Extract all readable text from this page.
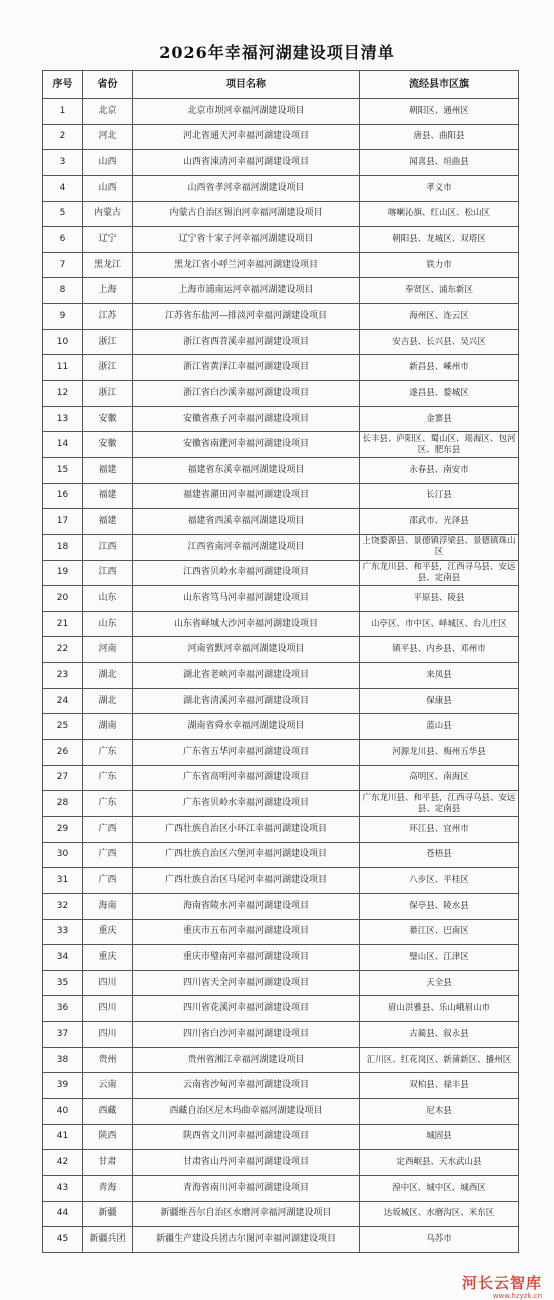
2026年幸福河湖建设项目清单
序号	省份	项目名称	流经县市区旗
1	北京	北京市坝河幸福河湖建设项目	朝阳区、通州区
2	河北	河北省通天河幸福河湖建设项目	唐县、曲阳县
3	山西	山西省涑清河幸福河湖建设项目	闻喜县、垣曲县
4	山西	山西省孝河幸福河湖建设项目	孝义市
5	内蒙古	内蒙古自治区锡泊河幸福河湖建设项目	喀喇沁旗、红山区、松山区
6	辽宁	辽宁省十家子河幸福河湖建设项目	朝阳县、龙城区、双塔区
7	黑龙江	黑龙江省小呼兰河幸福河湖建设项目	铁力市
8	上海	上海市浦南运河幸福河湖建设项目	奉贤区、浦东新区
9	江苏	江苏省东盐河—排淡河幸福河湖建设项目	海州区、连云区
10	浙江	浙江省西苕溪幸福河湖建设项目	安吉县、长兴县、吴兴区
11	浙江	浙江省黄泽江幸福河湖建设项目	新昌县、嵊州市
12	浙江	浙江省白沙溪幸福河湖建设项目	遂昌县、婺城区
13	安徽	安徽省燕子河幸福河湖建设项目	金寨县
14	安徽	安徽省南淝河幸福河湖建设项目	长丰县、庐阳区、蜀山区、瑶海区、包河区、肥东县
15	福建	福建省东溪幸福河湖建设项目	永春县、南安市
16	福建	福建省濯田河幸福河湖建设项目	长汀县
17	福建	福建省西溪幸福河湖建设项目	邵武市、光泽县
18	江西	江西省南河幸福河湖建设项目	上饶婺源县、景德镇浮梁县、景德镇珠山区
19	江西	江西省贝岭水幸福河湖建设项目	广东龙川县、和平县，江西寻乌县、安远县、定南县
20	山东	山东省笃马河幸福河湖建设项目	平原县、陵县
21	山东	山东省峄城大沙河幸福河湖建设项目	山亭区、市中区、峄城区、台儿庄区
22	河南	河南省默河幸福河湖建设项目	镇平县、内乡县、邓州市
23	湖北	湖北省老峡河幸福河湖建设项目	来凤县
24	湖北	湖北省清溪河幸福河湖建设项目	保康县
25	湖南	湖南省舜水幸福河湖建设项目	蓝山县
26	广东	广东省五华河幸福河湖建设项目	河源龙川县、梅州五华县
27	广东	广东省高明河幸福河湖建设项目	高明区、南海区
28	广东	广东省贝岭水幸福河湖建设项目	广东龙川县、和平县，江西寻乌县、安远县、定南县
29	广西	广西壮族自治区小环江幸福河湖建设项目	环江县、宜州市
30	广西	广西壮族自治区六堡河幸福河湖建设项目	苍梧县
31	广西	广西壮族自治区马尾河幸福河湖建设项目	八步区、平桂区
32	海南	海南省陵水河幸福河湖建设项目	保亭县、陵水县
33	重庆	重庆市五布河幸福河湖建设项目	綦江区、巴南区
34	重庆	重庆市璧南河幸福河湖建设项目	璧山区、江津区
35	四川	四川省天全河幸福河湖建设项目	天全县
36	四川	四川省花溪河幸福河湖建设项目	眉山洪雅县、乐山峨眉山市
37	四川	四川省白沙河幸福河湖建设项目	古蔺县、叙永县
38	贵州	贵州省湘江幸福河湖建设项目	汇川区、红花岗区、新蒲新区、播州区
39	云南	云南省沙甸河幸福河湖建设项目	双柏县、禄丰县
40	西藏	西藏自治区尼木玛曲幸福河湖建设项目	尼木县
41	陕西	陕西省文川河幸福河湖建设项目	城固县
42	甘肃	甘肃省山丹河幸福河湖建设项目	定西岷县、天水武山县
43	青海	青海省南川河幸福河湖建设项目	湟中区、城中区、城西区
44	新疆	新疆维吾尔自治区水磨河幸福河湖建设项目	达坂城区、水磨沟区、米东区
45	新疆兵团	新疆生产建设兵团古尔图河幸福河湖建设项目	乌苏市
河长云智库
www.hzyzk.cn
